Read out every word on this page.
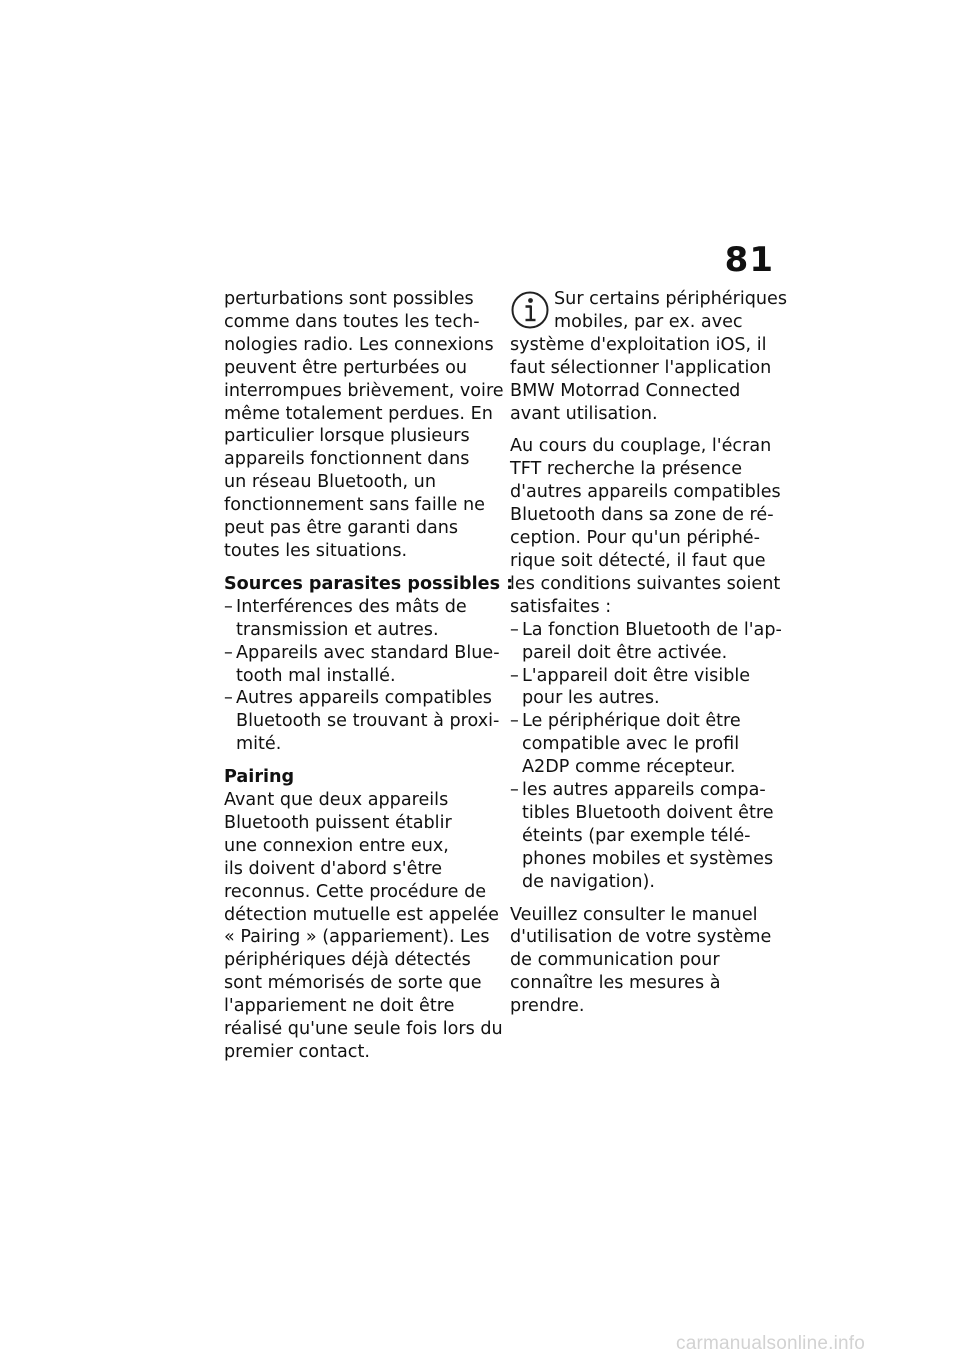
81
perturbations sont possibles
comme dans toutes les tech-
nologies radio. Les connexions
peuvent être perturbées ou
interrompues brièvement, voire
même totalement perdues. En
particulier lorsque plusieurs
appareils fonctionnent dans
un réseau Bluetooth, un
fonctionnement sans faille ne
peut pas être garanti dans
toutes les situations.
Sources parasites possibles :
– Interférences des mâts de
transmission et autres.
– Appareils avec standard Blue-
tooth mal installé.
– Autres appareils compatibles
Bluetooth se trouvant à proxi-
mité.
Pairing
Avant que deux appareils
Bluetooth puissent établir
une connexion entre eux,
ils doivent d'abord s'être
reconnus. Cette procédure de
détection mutuelle est appelée
« Pairing » (appariement). Les
périphériques déjà détectés
sont mémorisés de sorte que
l'appariement ne doit être
réalisé qu'une seule fois lors du
premier contact.
Sur certains périphériques
mobiles, par ex. avec
système d'exploitation iOS, il
faut sélectionner l'application
BMW Motorrad Connected
avant utilisation.
Au cours du couplage, l'écran
TFT recherche la présence
d'autres appareils compatibles
Bluetooth dans sa zone de ré-
ception. Pour qu'un périphé-
rique soit détecté, il faut que
les conditions suivantes soient
satisfaites :
– La fonction Bluetooth de l'ap-
pareil doit être activée.
– L'appareil doit être visible
pour les autres.
– Le périphérique doit être
compatible avec le profil
A2DP comme récepteur.
– les autres appareils compa-
tibles Bluetooth doivent être
éteints (par exemple télé-
phones mobiles et systèmes
de navigation).
Veuillez consulter le manuel
d'utilisation de votre système
de communication pour
connaître les mesures à
prendre.
carmanualsonline.info
